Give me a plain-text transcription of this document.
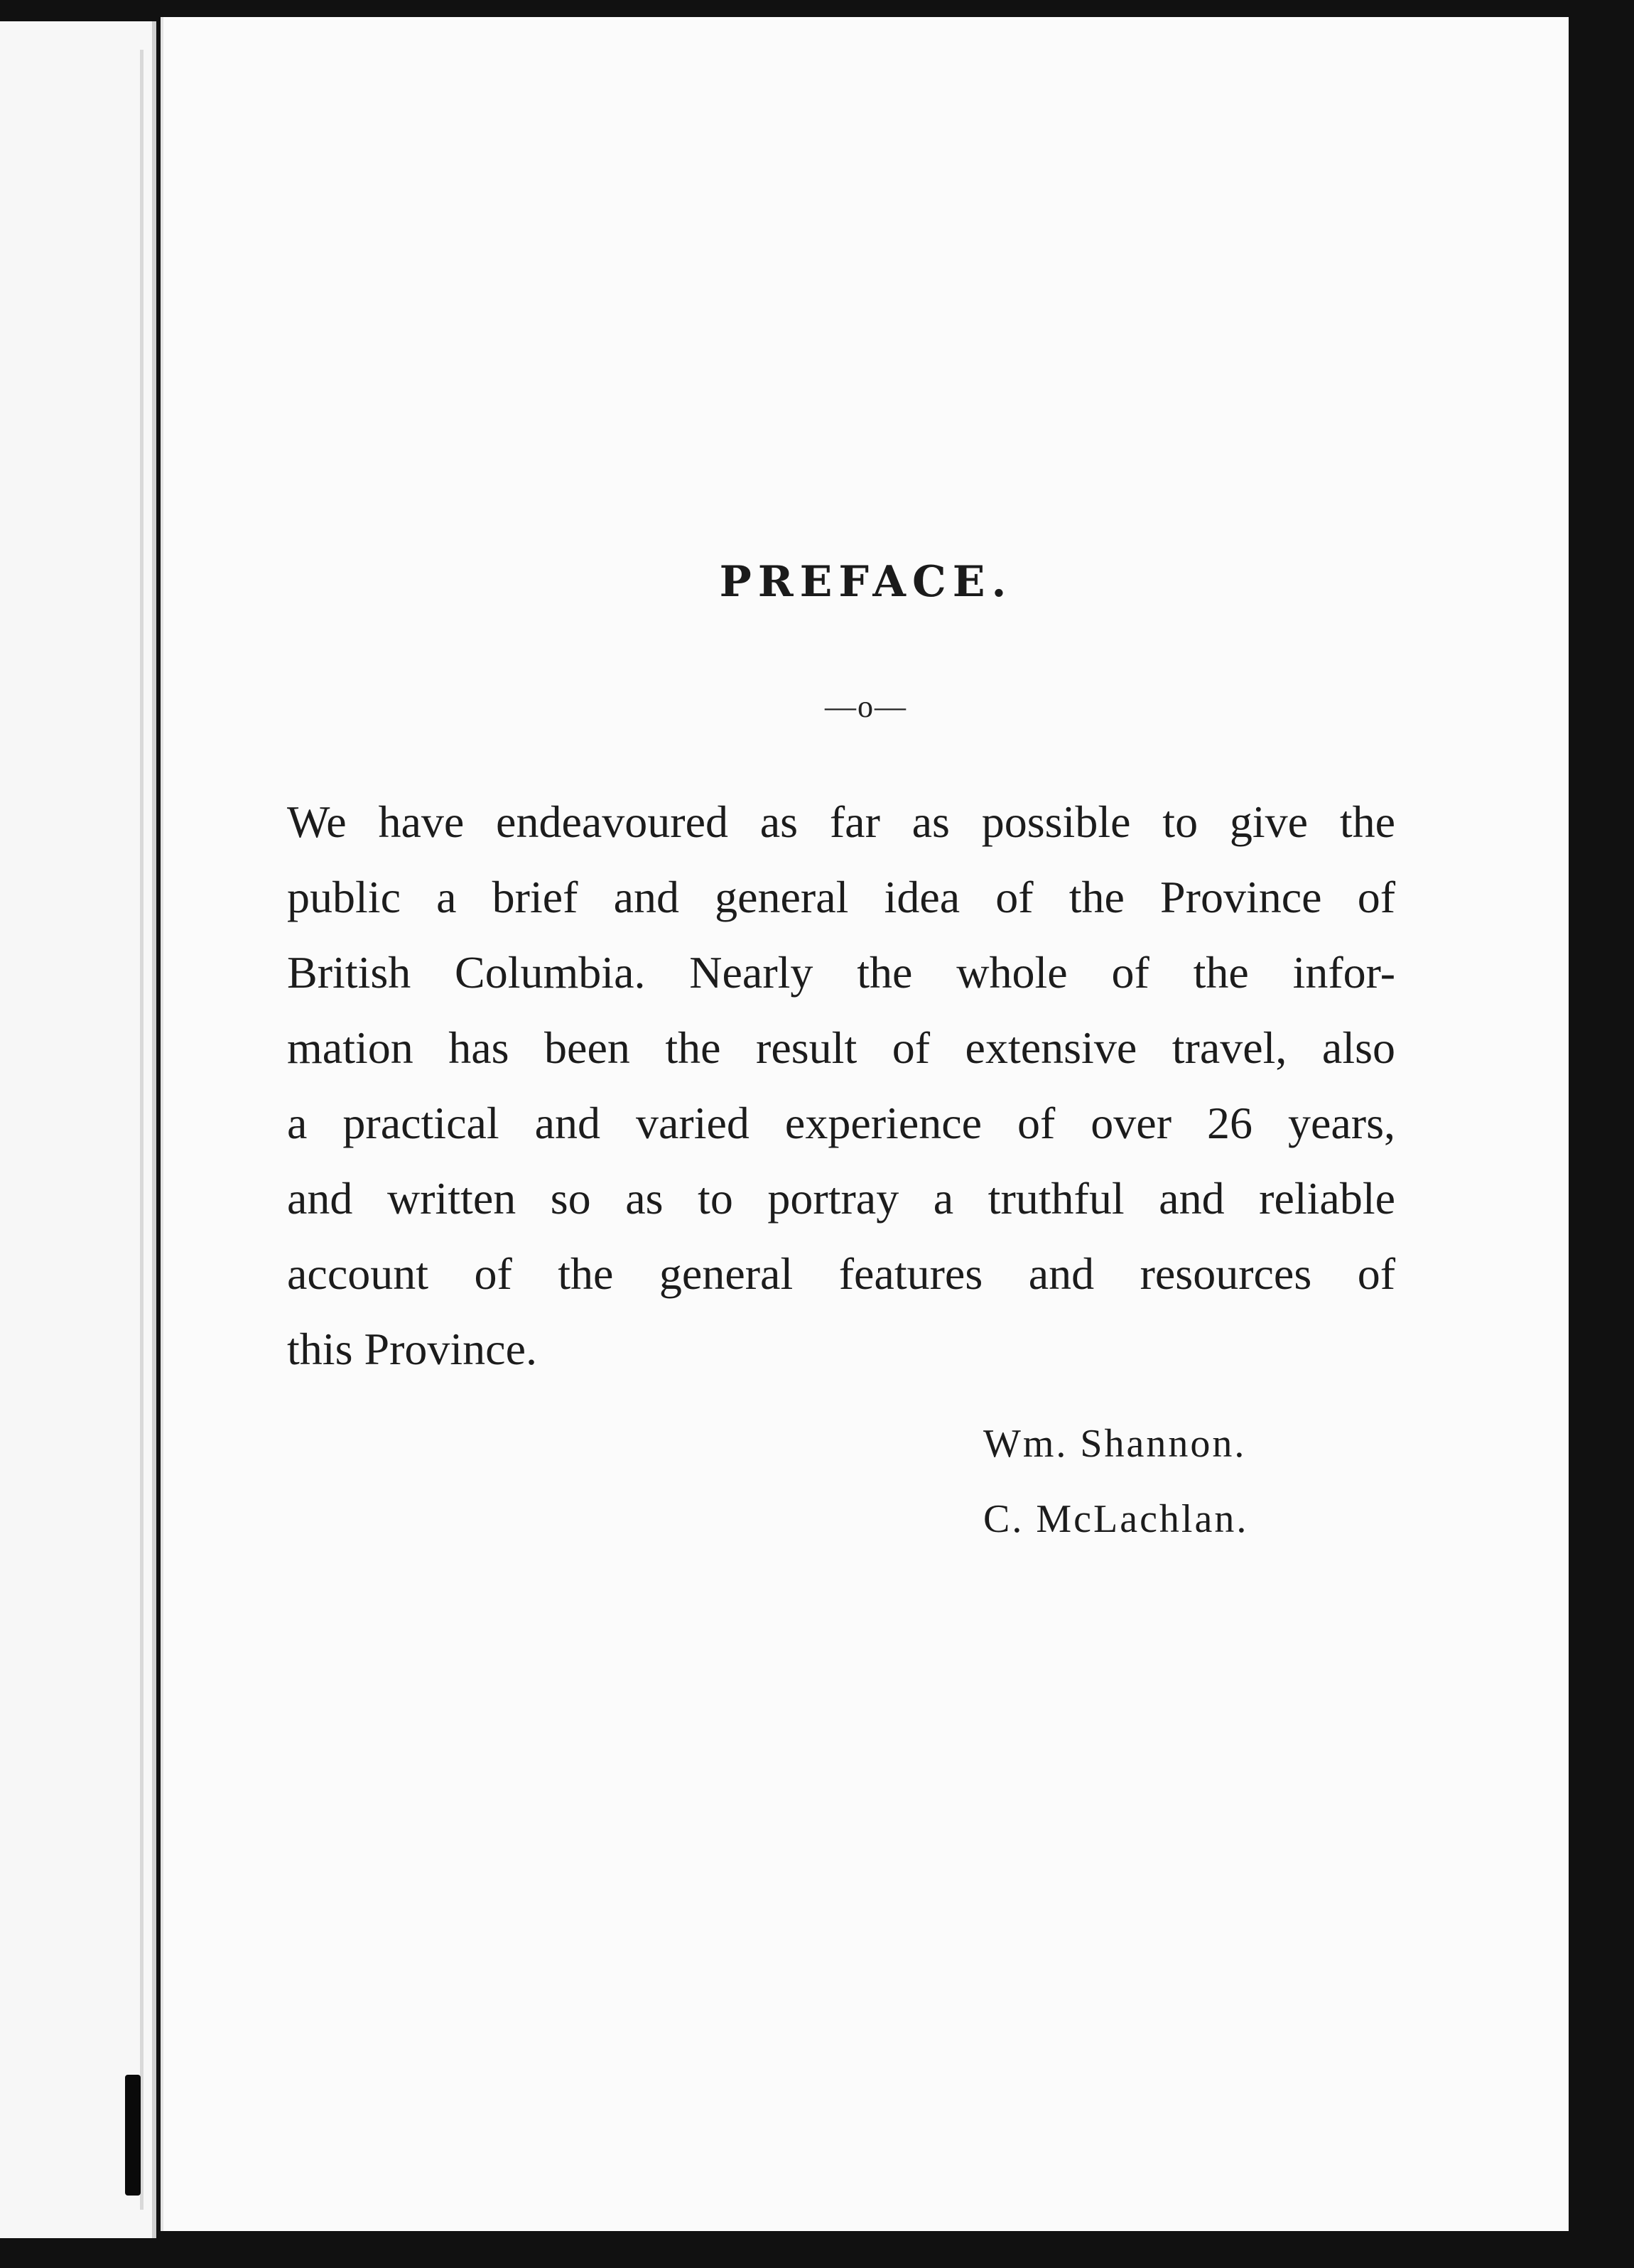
PREFACE.
—o—
We have endeavoured as far as possible to give the
public a brief and general idea of the Province of
British Columbia. Nearly the whole of the infor-
mation has been the result of extensive travel, also
a practical and varied experience of over 26 years,
and written so as to portray a truthful and reliable
account of the general features and resources of
this Province.
Wm. Shannon.
C. McLachlan.
